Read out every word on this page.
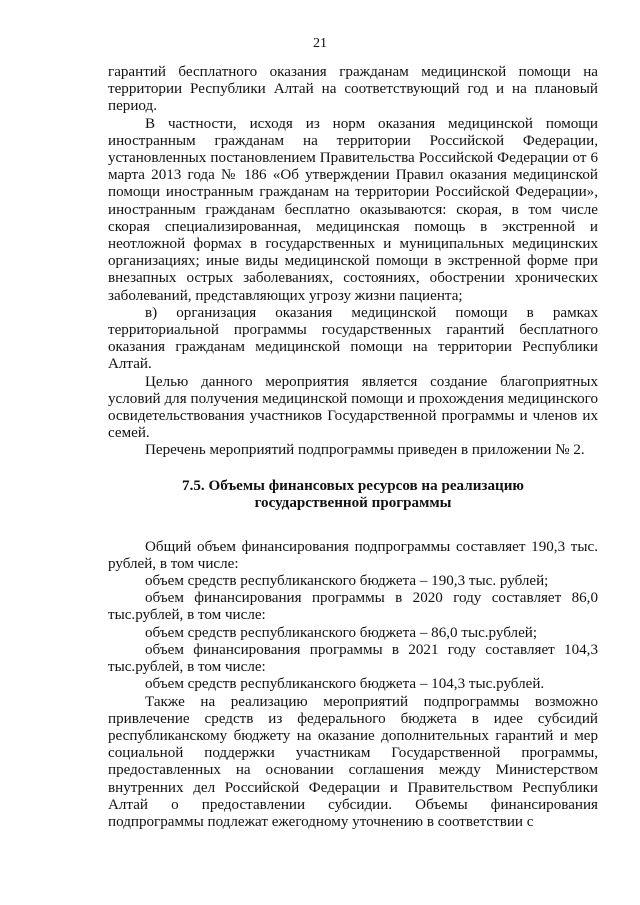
21

гарантий бесплатного оказания гражданам медицинской помощи на территории Республики Алтай на соответствующий год и на плановый период.

В частности, исходя из норм оказания медицинской помощи иностранным гражданам на территории Российской Федерации, установленных постановлением Правительства Российской Федерации от 6 марта 2013 года № 186 «Об утверждении Правил оказания медицинской помощи иностранным гражданам на территории Российской Федерации», иностранным гражданам бесплатно оказываются: скорая, в том числе скорая специализированная, медицинская помощь в экстренной и неотложной формах в государственных и муниципальных медицинских организациях; иные виды медицинской помощи в экстренной форме при внезапных острых заболеваниях, состояниях, обострении хронических заболеваний, представляющих угрозу жизни пациента;

в) организация оказания медицинской помощи в рамках территориальной программы государственных гарантий бесплатного оказания гражданам медицинской помощи на территории Республики Алтай.

Целью данного мероприятия является создание благоприятных условий для получения медицинской помощи и прохождения медицинского освидетельствования участников Государственной программы и членов их семей.

Перечень мероприятий подпрограммы приведен в приложении № 2.

7.5. Объемы финансовых ресурсов на реализацию
государственной программы

Общий объем финансирования подпрограммы составляет 190,3 тыс. рублей, в том числе:

объем средств республиканского бюджета – 190,3 тыс. рублей;

объем финансирования программы в 2020 году составляет 86,0 тыс.рублей, в том числе:

объем средств республиканского бюджета – 86,0 тыс.рублей;

объем финансирования программы в 2021 году составляет 104,3 тыс.рублей, в том числе:

объем средств республиканского бюджета – 104,3 тыс.рублей.

Также на реализацию мероприятий подпрограммы возможно привлечение средств из федерального бюджета в идее субсидий республиканскому бюджету на оказание дополнительных гарантий и мер социальной поддержки участникам Государственной программы, предоставленных на основании соглашения между Министерством внутренних дел Российской Федерации и Правительством Республики Алтай о предоставлении субсидии. Объемы финансирования подпрограммы подлежат ежегодному уточнению в соответствии с
